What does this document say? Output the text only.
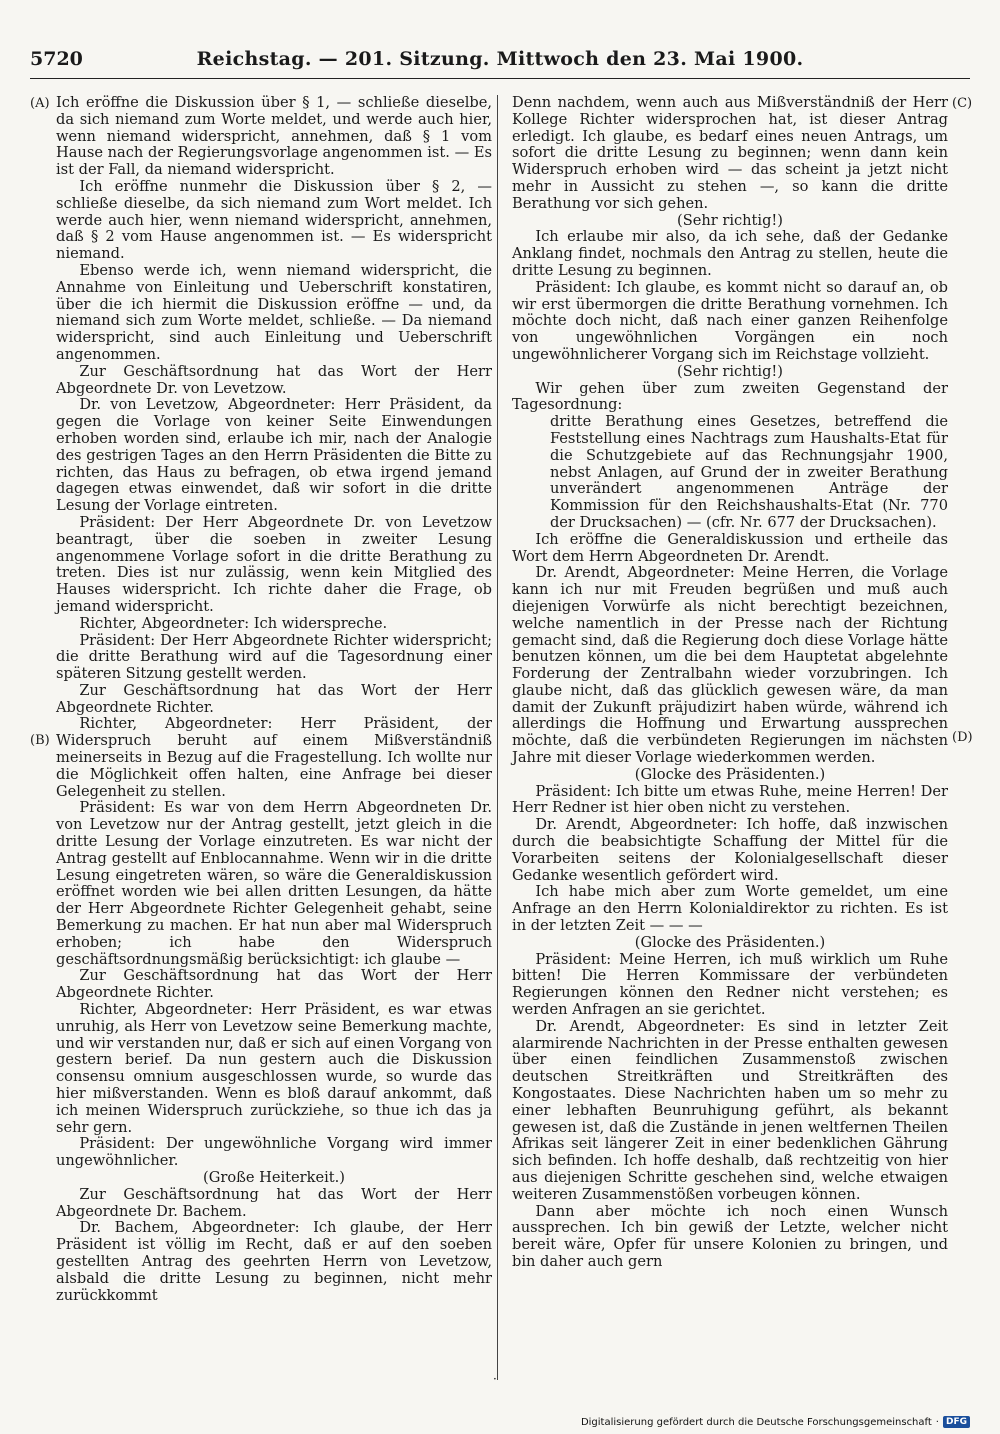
5720	Reichstag. — 201. Sitzung. Mittwoch den 23. Mai 1900.
(A)
(B)
(C)
(D)

Ich eröffne die Diskussion über § 1, — schließe dieselbe, da sich niemand zum Worte meldet, und werde auch hier, wenn niemand widerspricht, annehmen, daß § 1 vom Hause nach der Regierungsvorlage angenommen ist. — Es ist der Fall, da niemand widerspricht.

Ich eröffne nunmehr die Diskussion über § 2, — schließe dieselbe, da sich niemand zum Wort meldet. Ich werde auch hier, wenn niemand widerspricht, annehmen, daß § 2 vom Hause angenommen ist. — Es widerspricht niemand.

Ebenso werde ich, wenn niemand widerspricht, die Annahme von Einleitung und Ueberschrift konstatiren, über die ich hiermit die Diskussion eröffne — und, da niemand sich zum Worte meldet, schließe. — Da niemand widerspricht, sind auch Einleitung und Ueberschrift angenommen.

Zur Geschäftsordnung hat das Wort der Herr Abgeordnete Dr. von Levetzow.

Dr. von Levetzow, Abgeordneter: Herr Präsident, da gegen die Vorlage von keiner Seite Einwendungen erhoben worden sind, erlaube ich mir, nach der Analogie des gestrigen Tages an den Herrn Präsidenten die Bitte zu richten, das Haus zu befragen, ob etwa irgend jemand dagegen etwas einwendet, daß wir sofort in die dritte Lesung der Vorlage eintreten.

Präsident: Der Herr Abgeordnete Dr. von Levetzow beantragt, über die soeben in zweiter Lesung angenommene Vorlage sofort in die dritte Berathung zu treten. Dies ist nur zulässig, wenn kein Mitglied des Hauses widerspricht. Ich richte daher die Frage, ob jemand widerspricht.

Richter, Abgeordneter: Ich widerspreche.

Präsident: Der Herr Abgeordnete Richter widerspricht; die dritte Berathung wird auf die Tagesordnung einer späteren Sitzung gestellt werden.

Zur Geschäftsordnung hat das Wort der Herr Abgeordnete Richter.

Richter, Abgeordneter: Herr Präsident, der Widerspruch beruht auf einem Mißverständniß meinerseits in Bezug auf die Fragestellung. Ich wollte nur die Möglichkeit offen halten, eine Anfrage bei dieser Gelegenheit zu stellen.

Präsident: Es war von dem Herrn Abgeordneten Dr. von Levetzow nur der Antrag gestellt, jetzt gleich in die dritte Lesung der Vorlage einzutreten. Es war nicht der Antrag gestellt auf Enblocannahme. Wenn wir in die dritte Lesung eingetreten wären, so wäre die Generaldiskussion eröffnet worden wie bei allen dritten Lesungen, da hätte der Herr Abgeordnete Richter Gelegenheit gehabt, seine Bemerkung zu machen. Er hat nun aber mal Widerspruch erhoben; ich habe den Widerspruch geschäftsordnungsmäßig berücksichtigt: ich glaube —

Zur Geschäftsordnung hat das Wort der Herr Abgeordnete Richter.

Richter, Abgeordneter: Herr Präsident, es war etwas unruhig, als Herr von Levetzow seine Bemerkung machte, und wir verstanden nur, daß er sich auf einen Vorgang von gestern berief. Da nun gestern auch die Diskussion consensu omnium ausgeschlossen wurde, so wurde das hier mißverstanden. Wenn es bloß darauf ankommt, daß ich meinen Widerspruch zurückziehe, so thue ich das ja sehr gern.

Präsident: Der ungewöhnliche Vorgang wird immer ungewöhnlicher.

(Große Heiterkeit.)

Zur Geschäftsordnung hat das Wort der Herr Abgeordnete Dr. Bachem.

Dr. Bachem, Abgeordneter: Ich glaube, der Herr Präsident ist völlig im Recht, daß er auf den soeben gestellten Antrag des geehrten Herrn von Levetzow, alsbald die dritte Lesung zu beginnen, nicht mehr zurückkommt

·

Denn nachdem, wenn auch aus Mißverständniß der Herr Kollege Richter widersprochen hat, ist dieser Antrag erledigt. Ich glaube, es bedarf eines neuen Antrags, um sofort die dritte Lesung zu beginnen; wenn dann kein Widerspruch erhoben wird — das scheint ja jetzt nicht mehr in Aussicht zu stehen —, so kann die dritte Berathung vor sich gehen.

(Sehr richtig!)

Ich erlaube mir also, da ich sehe, daß der Gedanke Anklang findet, nochmals den Antrag zu stellen, heute die dritte Lesung zu beginnen.

Präsident: Ich glaube, es kommt nicht so darauf an, ob wir erst übermorgen die dritte Berathung vornehmen. Ich möchte doch nicht, daß nach einer ganzen Reihenfolge von ungewöhnlichen Vorgängen ein noch ungewöhnlicherer Vorgang sich im Reichstage vollzieht.

(Sehr richtig!)

Wir gehen über zum zweiten Gegenstand der Tagesordnung:

dritte Berathung eines Gesetzes, betreffend die Feststellung eines Nachtrags zum Haushalts-Etat für die Schutzgebiete auf das Rechnungsjahr 1900, nebst Anlagen, auf Grund der in zweiter Berathung unverändert angenommenen Anträge der Kommission für den Reichshaushalts-Etat (Nr. 770 der Drucksachen) — (cfr. Nr. 677 der Drucksachen).

Ich eröffne die Generaldiskussion und ertheile das Wort dem Herrn Abgeordneten Dr. Arendt.

Dr. Arendt, Abgeordneter: Meine Herren, die Vorlage kann ich nur mit Freuden begrüßen und muß auch diejenigen Vorwürfe als nicht berechtigt bezeichnen, welche namentlich in der Presse nach der Richtung gemacht sind, daß die Regierung doch diese Vorlage hätte benutzen können, um die bei dem Hauptetat abgelehnte Forderung der Zentralbahn wieder vorzubringen. Ich glaube nicht, daß das glücklich gewesen wäre, da man damit der Zukunft präjudizirt haben würde, während ich allerdings die Hoffnung und Erwartung aussprechen möchte, daß die verbündeten Regierungen im nächsten Jahre mit dieser Vorlage wiederkommen werden.

(Glocke des Präsidenten.)

Präsident: Ich bitte um etwas Ruhe, meine Herren! Der Herr Redner ist hier oben nicht zu verstehen.

Dr. Arendt, Abgeordneter: Ich hoffe, daß inzwischen durch die beabsichtigte Schaffung der Mittel für die Vorarbeiten seitens der Kolonialgesellschaft dieser Gedanke wesentlich gefördert wird.

Ich habe mich aber zum Worte gemeldet, um eine Anfrage an den Herrn Kolonialdirektor zu richten. Es ist in der letzten Zeit — — —

(Glocke des Präsidenten.)

Präsident: Meine Herren, ich muß wirklich um Ruhe bitten! Die Herren Kommissare der verbündeten Regierungen können den Redner nicht verstehen; es werden Anfragen an sie gerichtet.

Dr. Arendt, Abgeordneter: Es sind in letzter Zeit alarmirende Nachrichten in der Presse enthalten gewesen über einen feindlichen Zusammenstoß zwischen deutschen Streitkräften und Streitkräften des Kongostaates. Diese Nachrichten haben um so mehr zu einer lebhaften Beunruhigung geführt, als bekannt gewesen ist, daß die Zustände in jenen weltfernen Theilen Afrikas seit längerer Zeit in einer bedenklichen Gährung sich befinden. Ich hoffe deshalb, daß rechtzeitig von hier aus diejenigen Schritte geschehen sind, welche etwaigen weiteren Zusammenstößen vorbeugen können.

Dann aber möchte ich noch einen Wunsch aussprechen. Ich bin gewiß der Letzte, welcher nicht bereit wäre, Opfer für unsere Kolonien zu bringen, und bin daher auch gern

Digitalisierung gefördert durch die Deutsche Forschungsgemeinschaft · DFG
